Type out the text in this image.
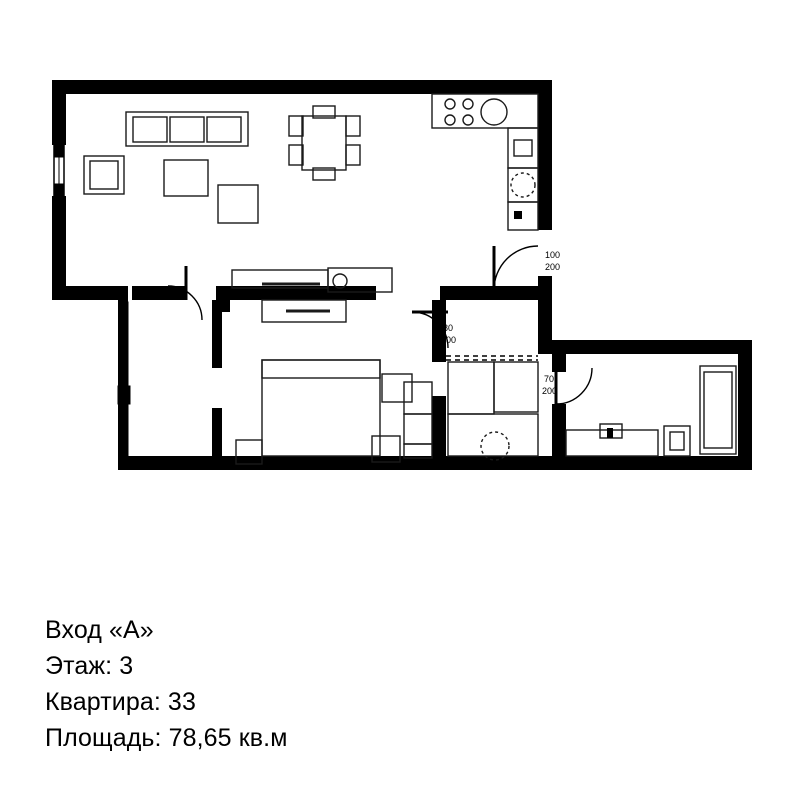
100
200
80
200
70
200
Вход «А»
Этаж: 3
Квартира: 33
Площадь: 78,65 кв.м
